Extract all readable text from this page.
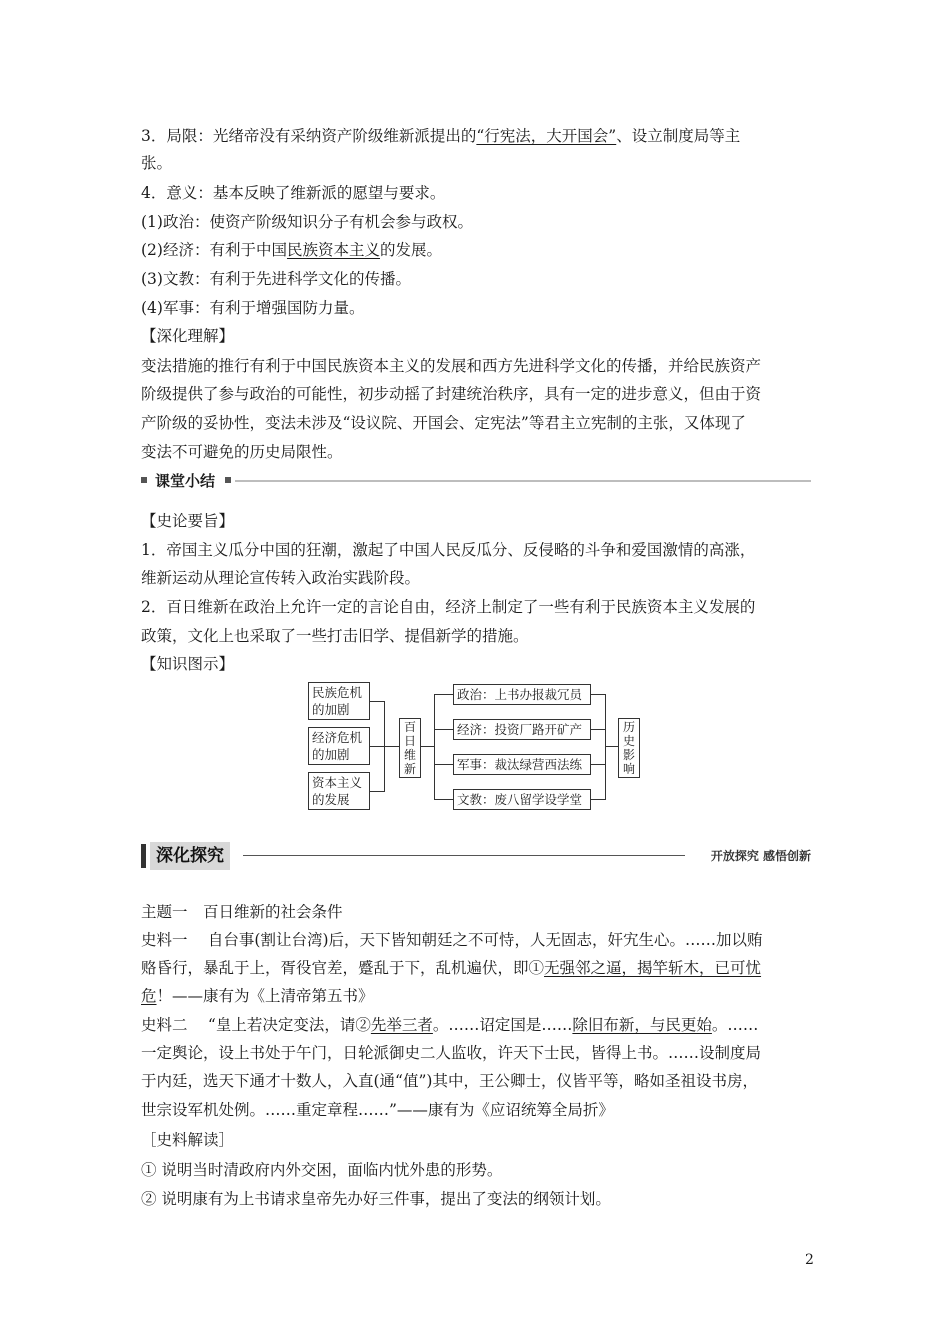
3．局限：光绪帝没有采纳资产阶级维新派提出的“行宪法，大开国会”、设立制度局等主
张。
4．意义：基本反映了维新派的愿望与要求。
(1)政治：使资产阶级知识分子有机会参与政权。
(2)经济：有利于中国民族资本主义的发展。
(3)文教：有利于先进科学文化的传播。
(4)军事：有利于增强国防力量。
【深化理解】
变法措施的推行有利于中国民族资本主义的发展和西方先进科学文化的传播，并给民族资产
阶级提供了参与政治的可能性，初步动摇了封建统治秩序，具有一定的进步意义，但由于资
产阶级的妥协性，变法未涉及“设议院、开国会、定宪法”等君主立宪制的主张，又体现了
变法不可避免的历史局限性。
课堂小结
【史论要旨】
1．帝国主义瓜分中国的狂潮，激起了中国人民反瓜分、反侵略的斗争和爱国激情的高涨，
维新运动从理论宣传转入政治实践阶段。
2．百日维新在政治上允许一定的言论自由，经济上制定了一些有利于民族资本主义发展的
政策，文化上也采取了一些打击旧学、提倡新学的措施。
【知识图示】
民族危机的加剧
经济危机的加剧
资本主义的发展
百日维新
政治：上书办报裁冗员
经济：投资厂路开矿产
军事：裁汰绿营西法练
文教：废八留学设学堂
历史影响
深化探究	开放探究 感悟创新
主题一　百日维新的社会条件
史料一　 自台事(割让台湾)后，天下皆知朝廷之不可恃，人无固志，奸宄生心。……加以贿
赂昏行，暴乱于上，胥役官差，蹙乱于下，乱机遍伏，即①无强邻之逼，揭竿斩木，已可忧
危！——康有为《上清帝第五书》
史料二　 “皇上若决定变法，请②先举三者。……诏定国是……除旧布新，与民更始。……
一定舆论，设上书处于午门，日轮派御史二人监收，许天下士民，皆得上书。……设制度局
于内廷，选天下通才十数人，入直(通“值”)其中，王公卿士，仪皆平等，略如圣祖设书房，
世宗设军机处例。……重定章程……”——康有为《应诏统筹全局折》
［史料解读］
① 说明当时清政府内外交困，面临内忧外患的形势。
② 说明康有为上书请求皇帝先办好三件事，提出了变法的纲领计划。
2
